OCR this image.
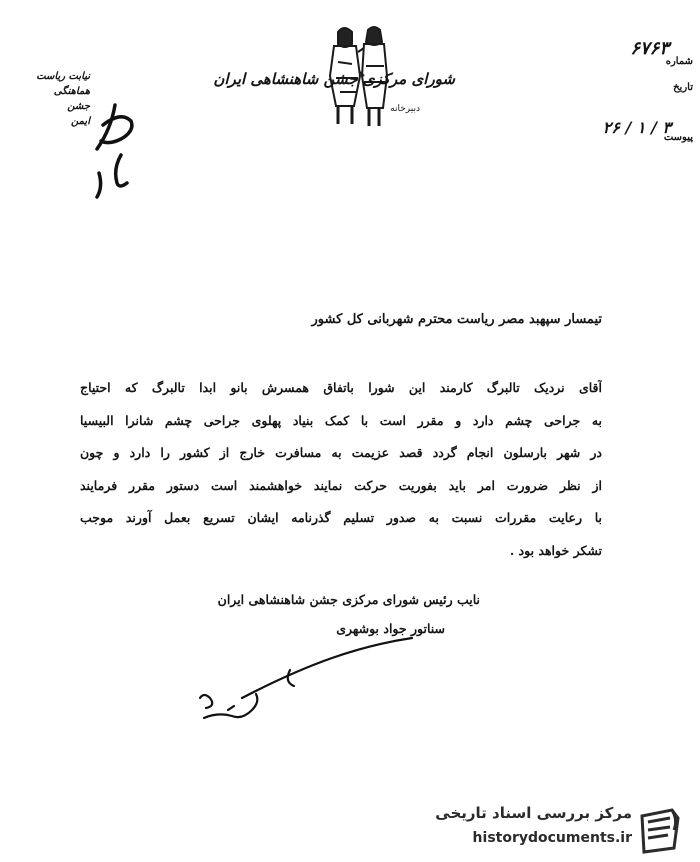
شورای مرکزی جشن شاهنشاهی ایران
دبیرخانه
نیابت ریاست
هماهنگی
جشن
ایمن
شماره
۶۷۶۳
تاریخ
۲۶ / ۱ / ۳
پیوست
تیمسار سپهبد مصر ریاست محترم شهربانی کل کشور
آقای نردیک تالبرگ کارمند این شورا باتفاق همسرش بانو ابدا تالبرگ که احتیاج
به جراحی چشم دارد و مقرر است با کمک بنیاد پهلوی جراحی چشم شانرا البیسیا
در شهر بارسلون انجام گردد قصد عزیمت به مسافرت خارج از کشور را دارد و چون
از نظر ضرورت امر باید بفوریت حرکت نمایند خواهشمند است دستور مقرر فرمایند
با رعایت مقررات نسبت به صدور تسلیم گذرنامه ایشان تسریع بعمل آورند موجب
تشکر خواهد بود .
نایب رئیس شورای مرکزی جشن شاهنشاهی ایران
سناتور جواد بوشهری
مرکز بررسی اسناد تاریخی
historydocuments.ir
